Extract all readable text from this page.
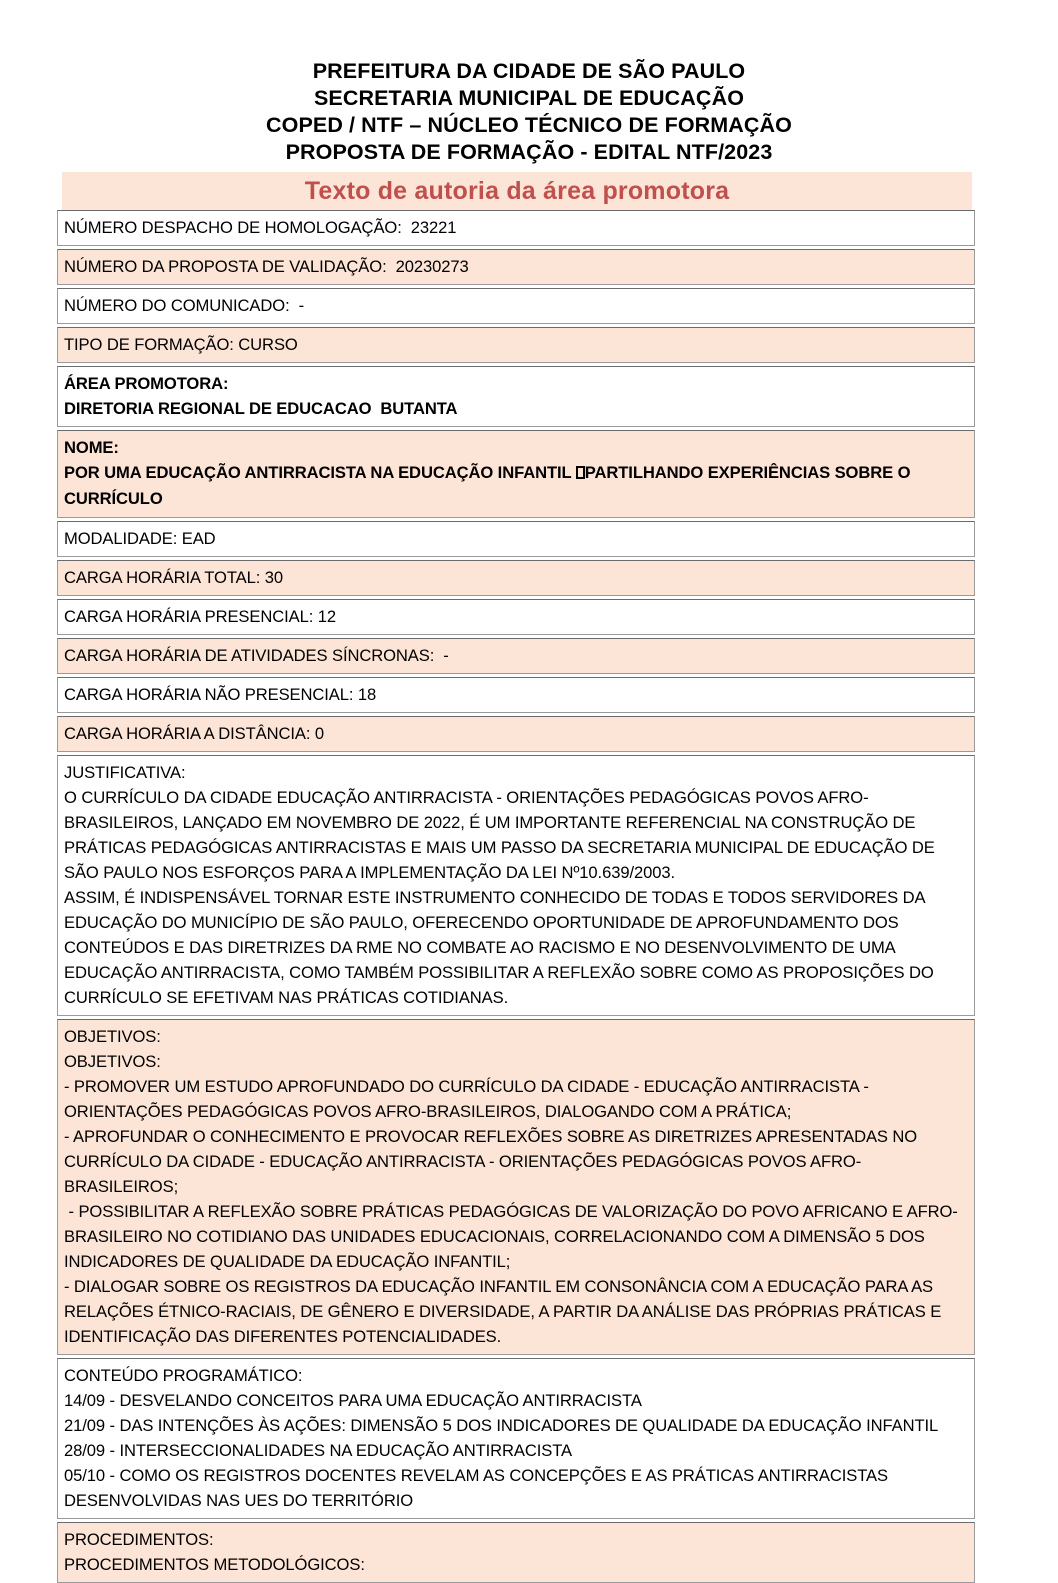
PREFEITURA DA CIDADE DE SÃO PAULO
SECRETARIA MUNICIPAL DE EDUCAÇÃO
COPED / NTF – NÚCLEO TÉCNICO DE FORMAÇÃO
PROPOSTA DE FORMAÇÃO - EDITAL NTF/2023
Texto de autoria da área promotora
NÚMERO DESPACHO DE HOMOLOGAÇÃO:  23221
NÚMERO DA PROPOSTA DE VALIDAÇÃO:  20230273
NÚMERO DO COMUNICADO:  -
TIPO DE FORMAÇÃO: CURSO
ÁREA PROMOTORA:
DIRETORIA REGIONAL DE EDUCACAO  BUTANTA
NOME:
POR UMA EDUCAÇÃO ANTIRRACISTA NA EDUCAÇÃO INFANTIL PARTILHANDO EXPERIÊNCIAS SOBRE O CURRÍCULO
MODALIDADE: EAD
CARGA HORÁRIA TOTAL: 30
CARGA HORÁRIA PRESENCIAL: 12
CARGA HORÁRIA DE ATIVIDADES SÍNCRONAS:  -
CARGA HORÁRIA NÃO PRESENCIAL: 18
CARGA HORÁRIA A DISTÂNCIA: 0
JUSTIFICATIVA:
O CURRÍCULO DA CIDADE EDUCAÇÃO ANTIRRACISTA - ORIENTAÇÕES PEDAGÓGICAS POVOS AFRO-BRASILEIROS, LANÇADO EM NOVEMBRO DE 2022, É UM IMPORTANTE REFERENCIAL NA CONSTRUÇÃO DE PRÁTICAS PEDAGÓGICAS ANTIRRACISTAS E MAIS UM PASSO DA SECRETARIA MUNICIPAL DE EDUCAÇÃO DE SÃO PAULO NOS ESFORÇOS PARA A IMPLEMENTAÇÃO DA LEI Nº10.639/2003.
ASSIM, É INDISPENSÁVEL TORNAR ESTE INSTRUMENTO CONHECIDO DE TODAS E TODOS SERVIDORES DA EDUCAÇÃO DO MUNICÍPIO DE SÃO PAULO, OFERECENDO OPORTUNIDADE DE APROFUNDAMENTO DOS CONTEÚDOS E DAS DIRETRIZES DA RME NO COMBATE AO RACISMO E NO DESENVOLVIMENTO DE UMA EDUCAÇÃO ANTIRRACISTA, COMO TAMBÉM POSSIBILITAR A REFLEXÃO SOBRE COMO AS PROPOSIÇÕES DO CURRÍCULO SE EFETIVAM NAS PRÁTICAS COTIDIANAS.
OBJETIVOS:
OBJETIVOS:
- PROMOVER UM ESTUDO APROFUNDADO DO CURRÍCULO DA CIDADE - EDUCAÇÃO ANTIRRACISTA - ORIENTAÇÕES PEDAGÓGICAS POVOS AFRO-BRASILEIROS, DIALOGANDO COM A PRÁTICA;
- APROFUNDAR O CONHECIMENTO E PROVOCAR REFLEXÕES SOBRE AS DIRETRIZES APRESENTADAS NO CURRÍCULO DA CIDADE - EDUCAÇÃO ANTIRRACISTA - ORIENTAÇÕES PEDAGÓGICAS POVOS AFRO-BRASILEIROS;
- POSSIBILITAR A REFLEXÃO SOBRE PRÁTICAS PEDAGÓGICAS DE VALORIZAÇÃO DO POVO AFRICANO E AFRO-BRASILEIRO NO COTIDIANO DAS UNIDADES EDUCACIONAIS, CORRELACIONANDO COM A DIMENSÃO 5 DOS INDICADORES DE QUALIDADE DA EDUCAÇÃO INFANTIL;
- DIALOGAR SOBRE OS REGISTROS DA EDUCAÇÃO INFANTIL EM CONSONÂNCIA COM A EDUCAÇÃO PARA AS RELAÇÕES ÉTNICO-RACIAIS, DE GÊNERO E DIVERSIDADE, A PARTIR DA ANÁLISE DAS PRÓPRIAS PRÁTICAS E IDENTIFICAÇÃO DAS DIFERENTES POTENCIALIDADES.
CONTEÚDO PROGRAMÁTICO:
14/09 - DESVELANDO CONCEITOS PARA UMA EDUCAÇÃO ANTIRRACISTA
21/09 - DAS INTENÇÕES ÀS AÇÕES: DIMENSÃO 5 DOS INDICADORES DE QUALIDADE DA EDUCAÇÃO INFANTIL
28/09 - INTERSECCIONALIDADES NA EDUCAÇÃO ANTIRRACISTA
05/10 - COMO OS REGISTROS DOCENTES REVELAM AS CONCEPÇÕES E AS PRÁTICAS ANTIRRACISTAS DESENVOLVIDAS NAS UES DO TERRITÓRIO
PROCEDIMENTOS:
PROCEDIMENTOS METODOLÓGICOS:
